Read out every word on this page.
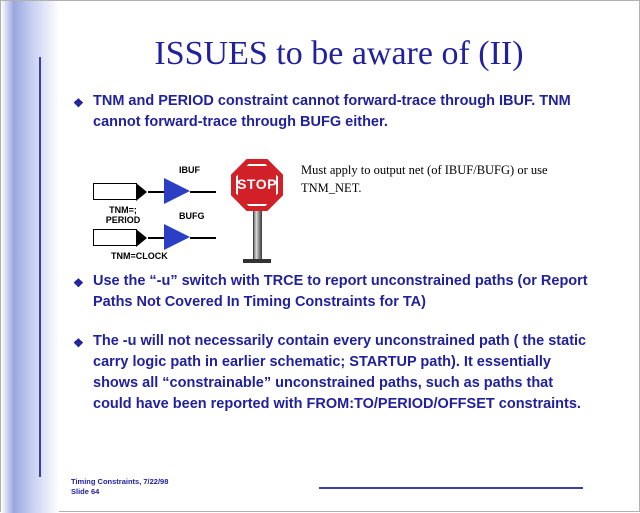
ISSUES to be aware of (II)
❖ TNM and PERIOD constraint cannot forward-trace through IBUF. TNM cannot forward-trace through BUFG either.
IBUF
TNM=;
PERIOD	BUFG
TNM=CLOCK
STOP
Must apply to output net (of IBUF/BUFG) or use TNM_NET.
❖ Use the “-u” switch with TRCE to report unconstrained paths (or Report Paths Not Covered In Timing Constraints for TA)
❖ The -u will not necessarily contain every unconstrained path ( the static carry logic path in earlier schematic; STARTUP path). It essentially shows all “constrainable” unconstrained paths, such as paths that could have been reported with FROM:TO/PERIOD/OFFSET constraints.
Timing Constraints, 7/22/98
Slide 64
